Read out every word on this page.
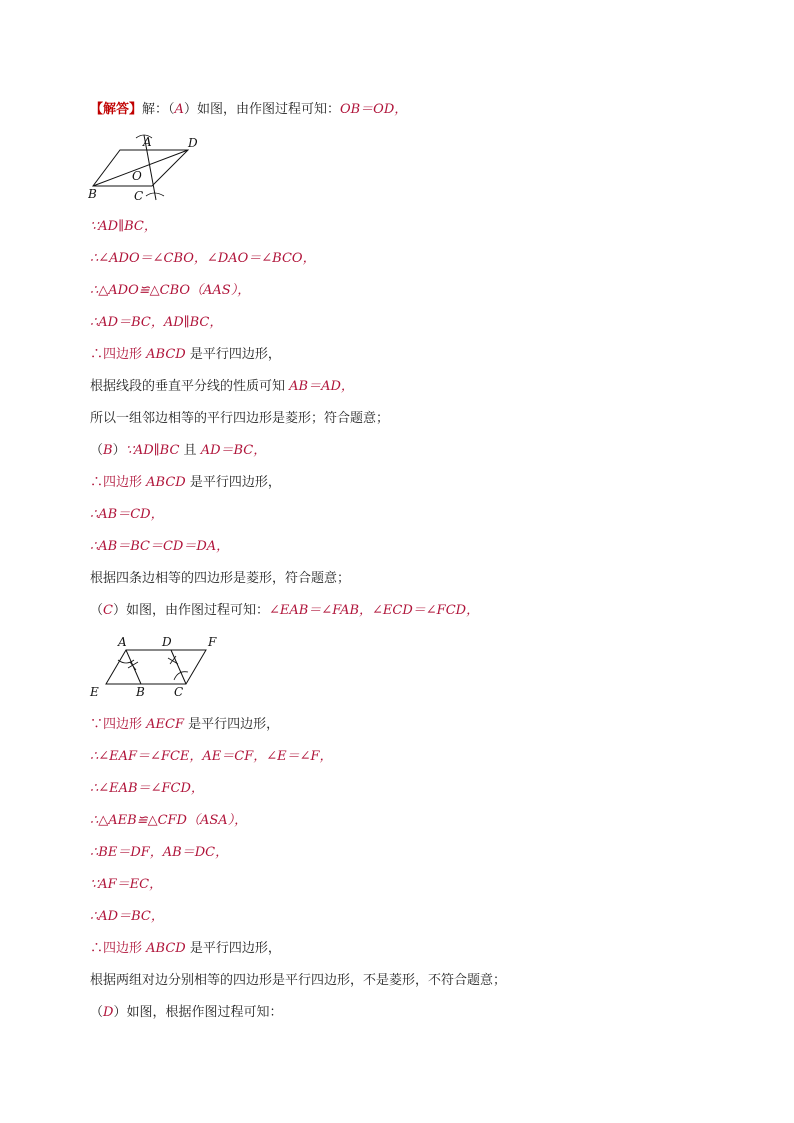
【解答】解：（A）如图，由作图过程可知：OB＝OD，
A	D
B	C
O
∵AD∥BC，
∴∠ADO＝∠CBO，∠DAO＝∠BCO，
∴△ADO≌△CBO（AAS），
∴AD＝BC，AD∥BC，
∴四边形 ABCD 是平行四边形，
根据线段的垂直平分线的性质可知 AB＝AD，
所以一组邻边相等的平行四边形是菱形；符合题意；
（B）∵AD∥BC 且 AD＝BC，
∴四边形 ABCD 是平行四边形，
∴AB＝CD，
∴AB＝BC＝CD＝DA，
根据四条边相等的四边形是菱形，符合题意；
（C）如图，由作图过程可知：∠EAB＝∠FAB，∠ECD＝∠FCD，
A	D	F
E	B C
∵四边形 AECF 是平行四边形，
∴∠EAF＝∠FCE，AE＝CF，∠E＝∠F，
∴∠EAB＝∠FCD，
∴△AEB≌△CFD（ASA），
∴BE＝DF，AB＝DC，
∵AF＝EC，
∴AD＝BC，
∴四边形 ABCD 是平行四边形，
根据两组对边分别相等的四边形是平行四边形，不是菱形，不符合题意；
（D）如图，根据作图过程可知：
